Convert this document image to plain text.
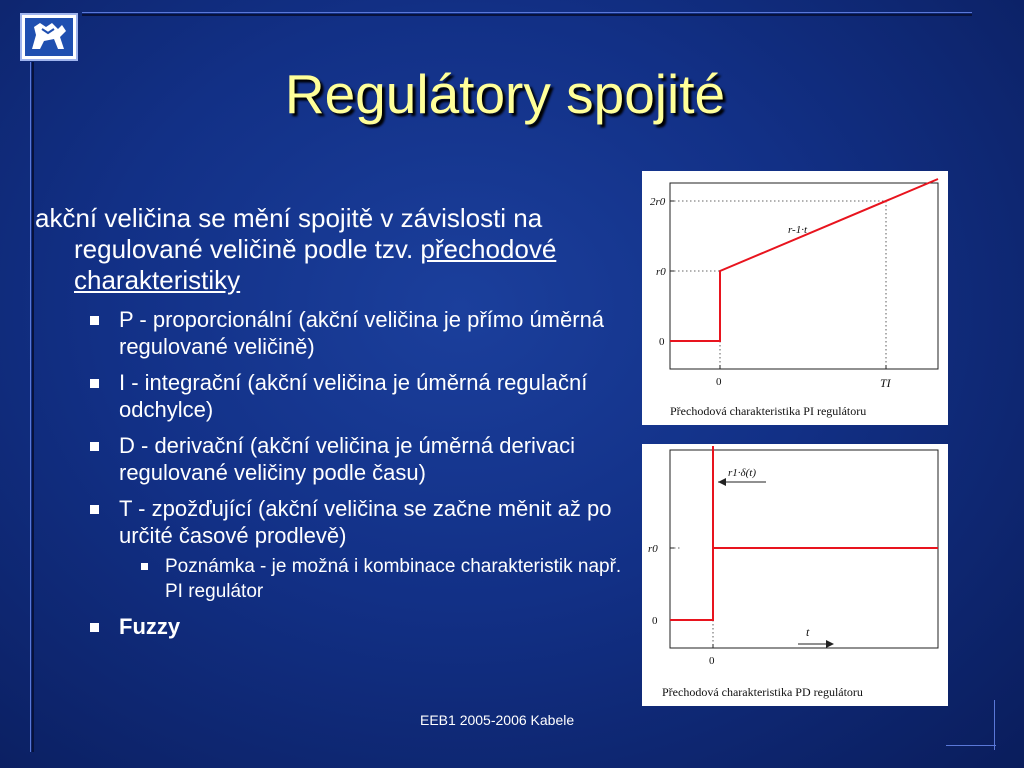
Regulátory spojité

akční veličina se mění spojitě v závislosti na regulované veličině podle tzv. přechodové charakteristiky

P - proporcionální (akční veličina je přímo úměrná regulované veličině)
I - integrační (akční veličina je úměrná regulační odchylce)
D - derivační (akční veličina je úměrná derivaci regulované veličiny podle času)
T - zpožďující (akční veličina se začne měnit až po určité časové prodlevě)
Poznámka - je možná i kombinace charakteristik např. PI regulátor
Fuzzy
EEB1 2005-2006 Kabele
2r0
r0
0
0	TI
r-1·t
Přechodová charakteristika PI regulátoru
r0
0
0
r1·δ(t)
t
Přechodová charakteristika PD regulátoru
